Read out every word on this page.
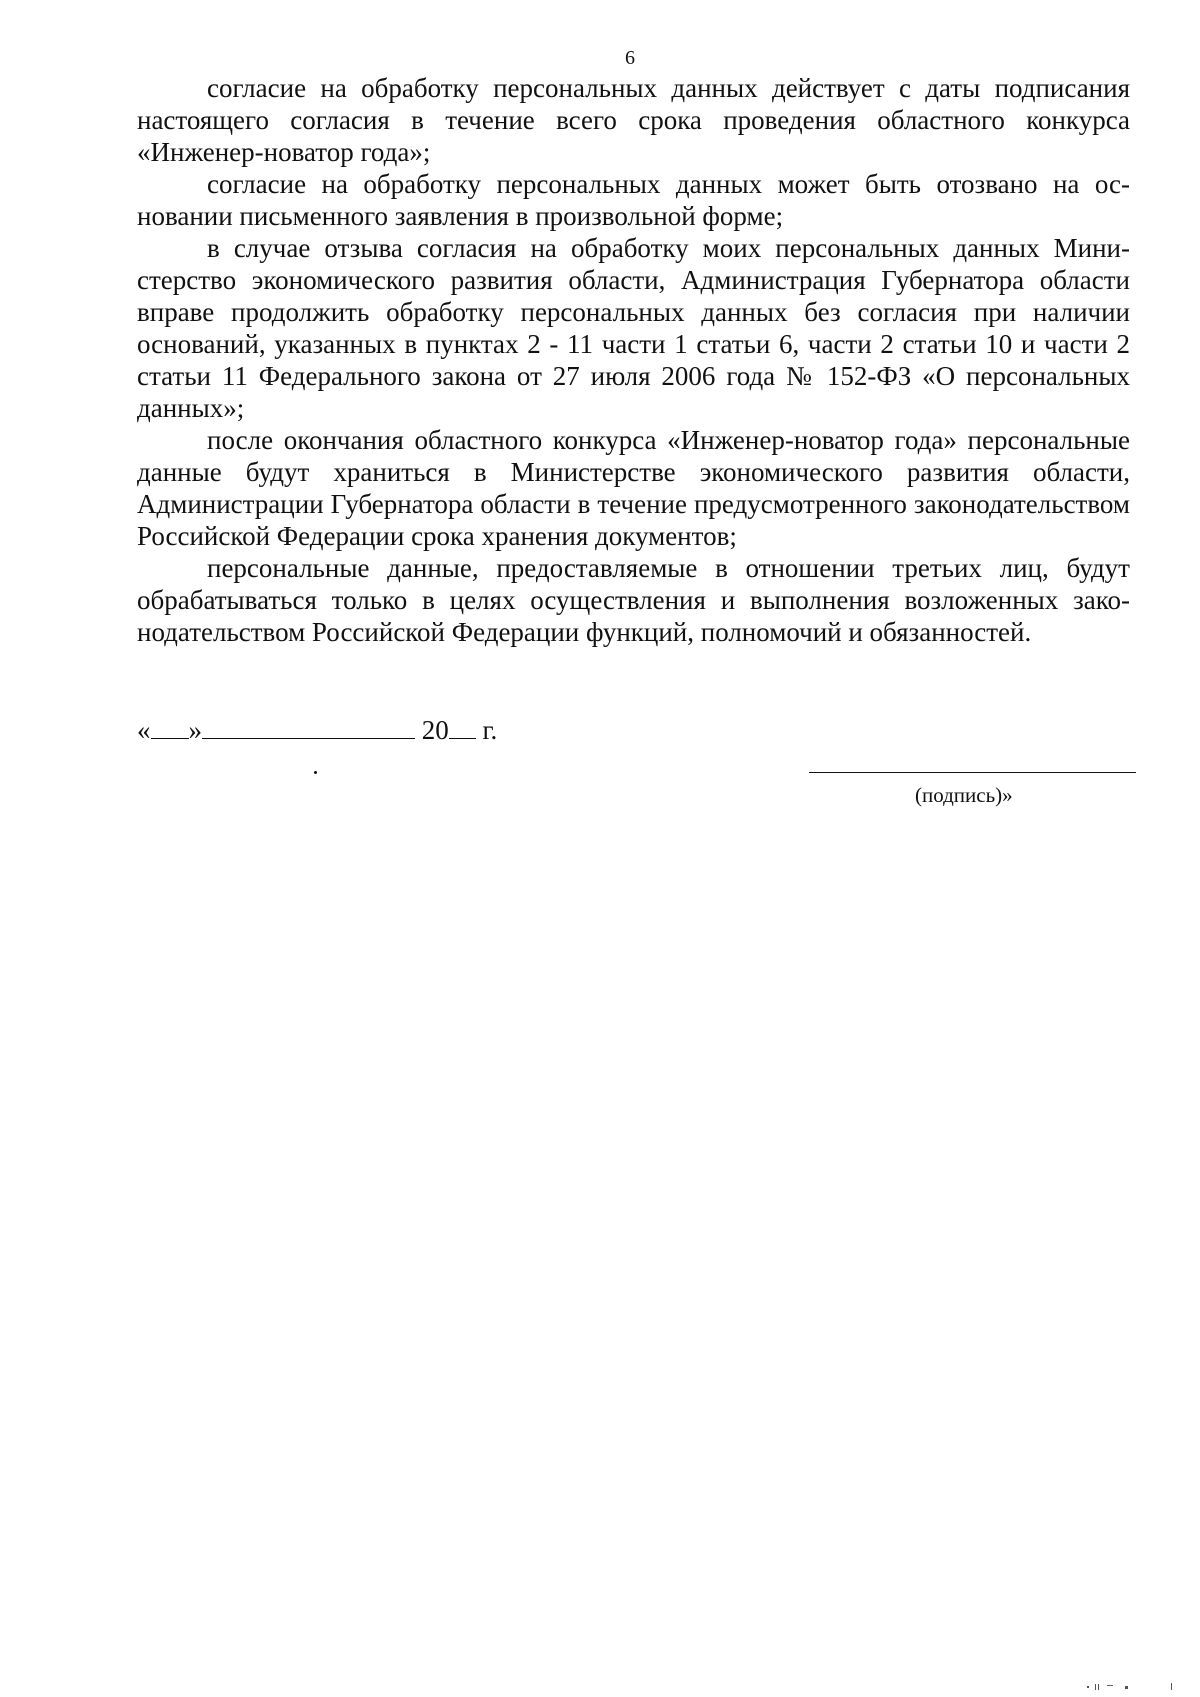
6

согласие на обработку персональных данных действует с даты подписания настоящего согласия в течение всего срока проведения областного конкурса «Инженер-новатор года»;

согласие на обработку персональных данных может быть отозвано на основании письменного заявления в произвольной форме;

в случае отзыва согласия на обработку моих персональных данных Министерство экономического развития области, Администрация Губернатора области вправе продолжить обработку персональных данных без согласия при наличии оснований, указанных в пунктах 2 - 11 части 1 статьи 6, части 2 статьи 10 и части 2 статьи 11 Федерального закона от 27 июля 2006 года № 152-ФЗ «О персональных данных»;

после окончания областного конкурса «Инженер-новатор года» персональные данные будут храниться в Министерстве экономического развития области, Администрации Губернатора области в течение предусмотренного законодательством Российской Федерации срока хранения документов;

персональные данные, предоставляемые в отношении третьих лиц, будут обрабатываться только в целях осуществления и выполнения возложенных законодательством Российской Федерации функций, полномочий и обязанностей.

« »	20 г.
(подпись)»
